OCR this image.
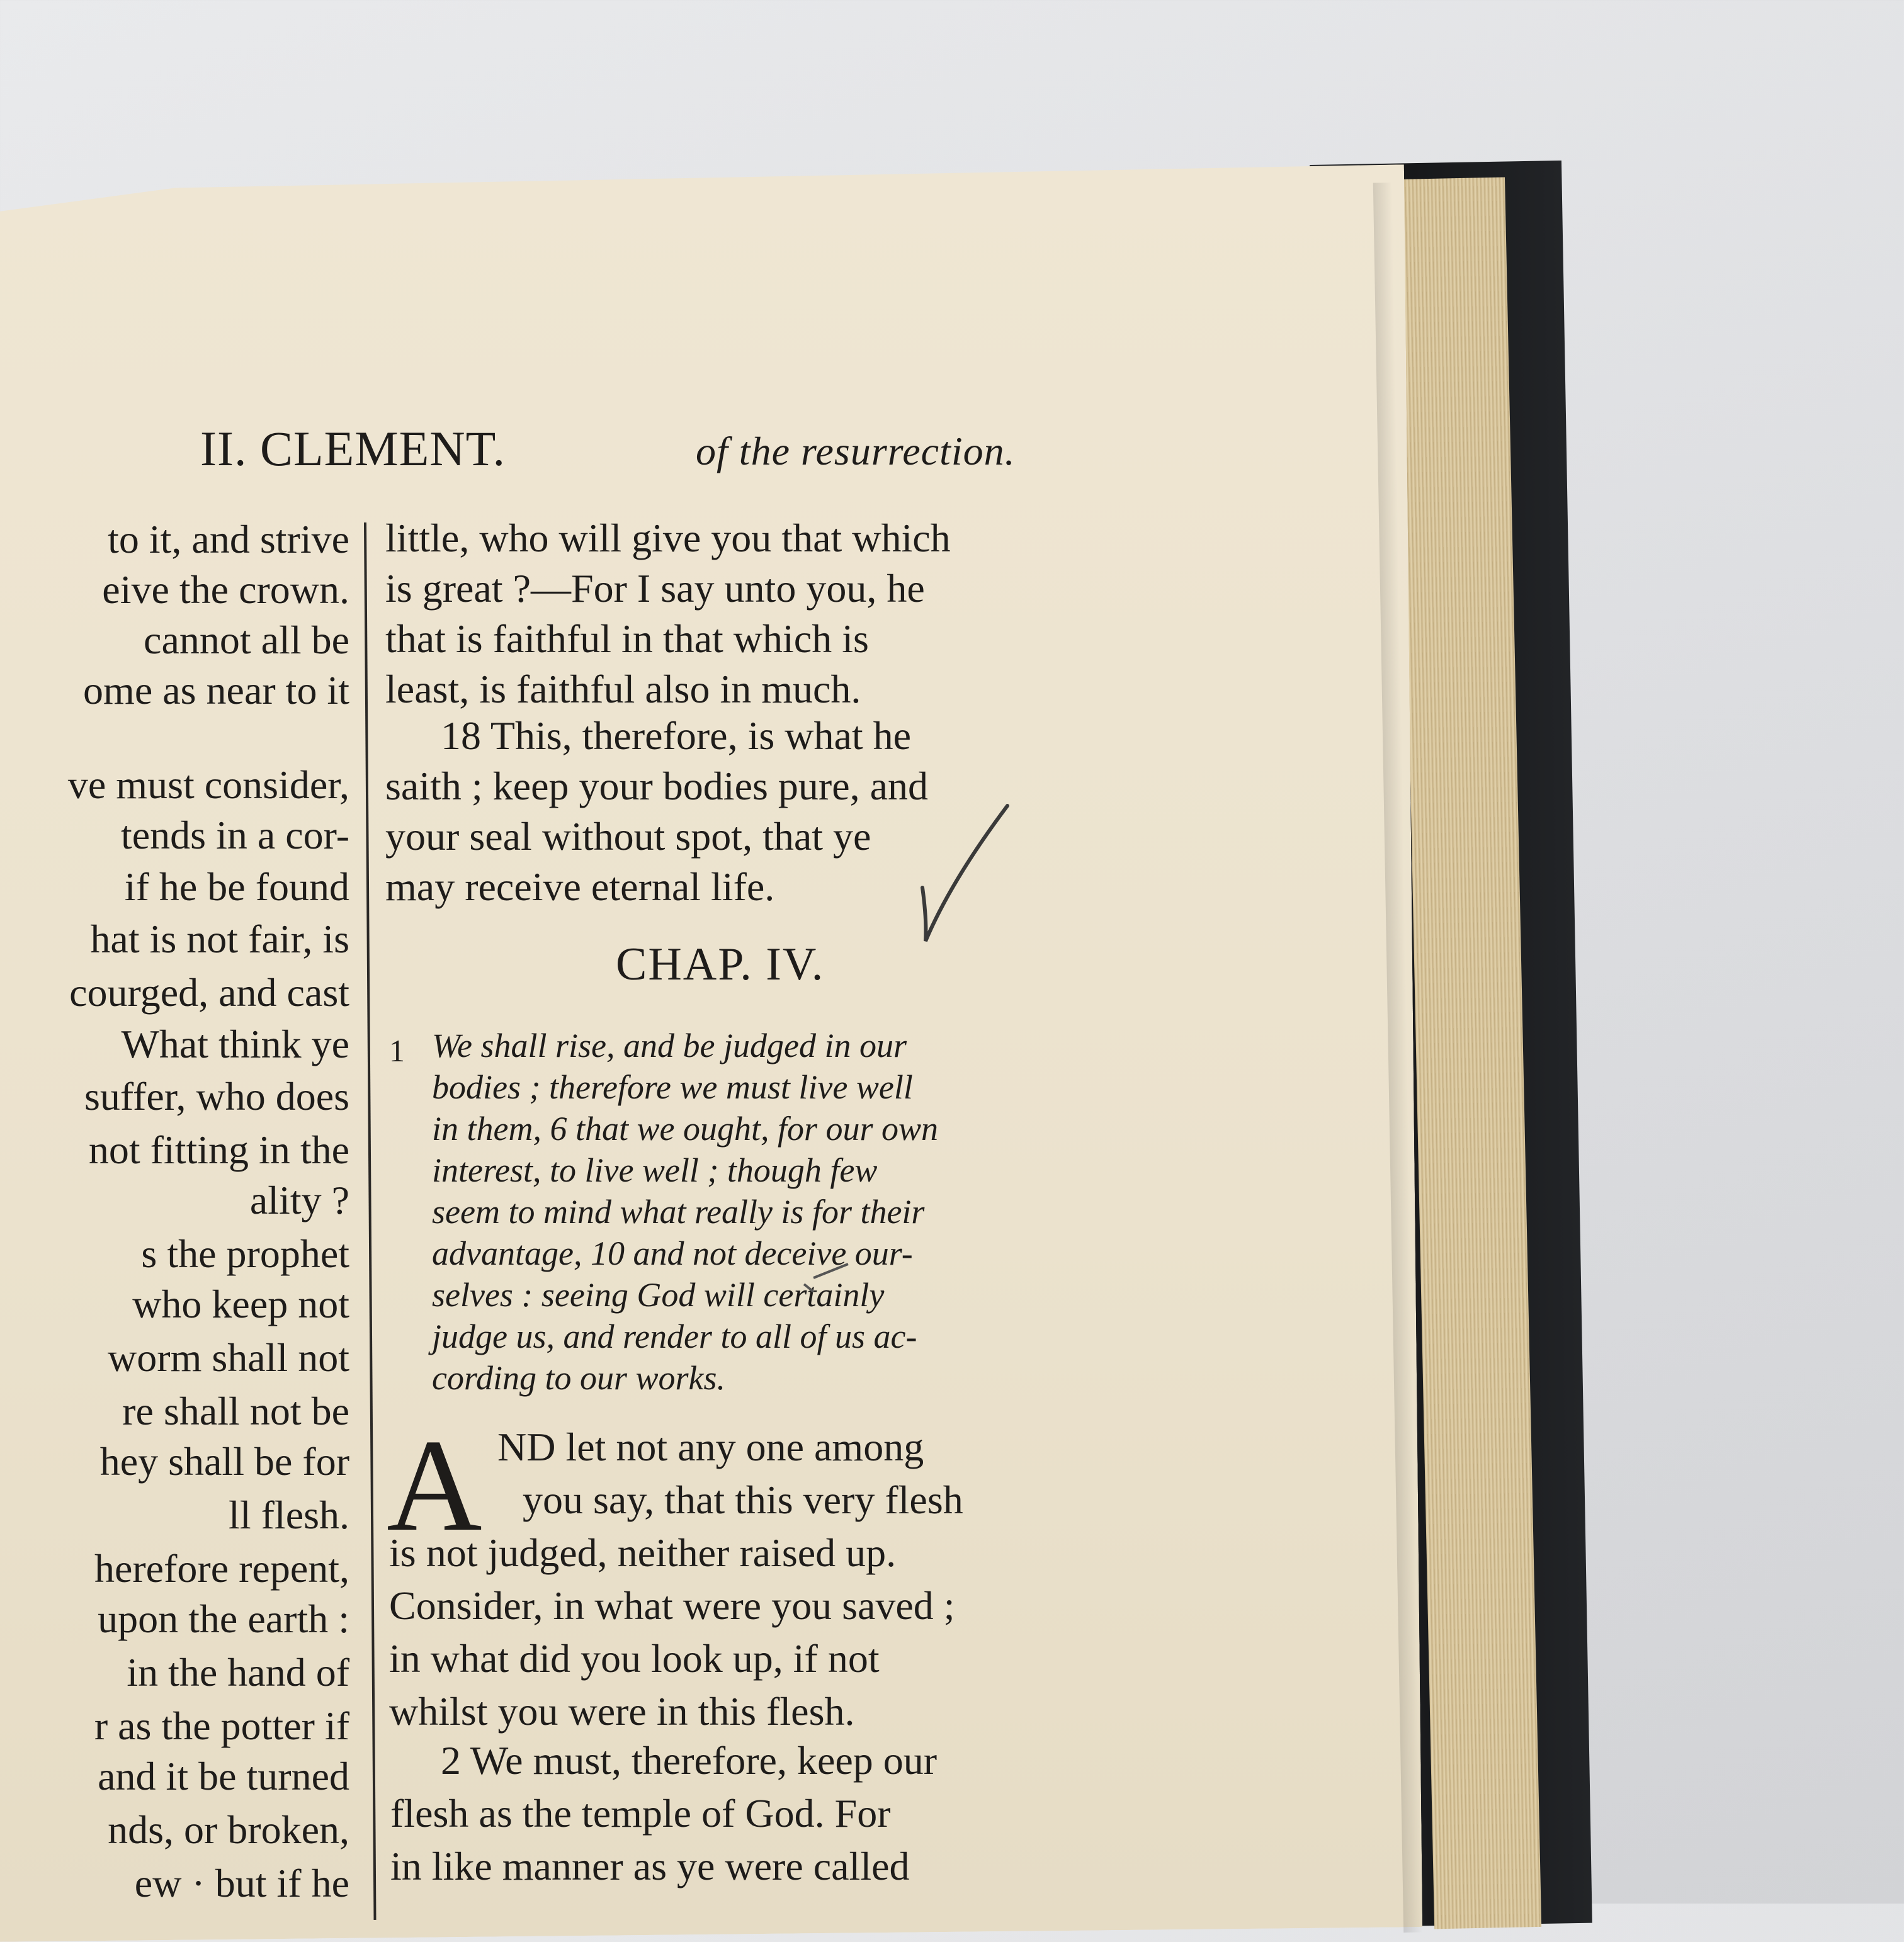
II. CLEMENT.	of the resurrection.
to it, and strive
eive the crown.
cannot all be
ome as near to it
ve must consider,
tends in a cor-
if he be found
hat is not fair, is
courged, and cast
What think ye
suffer, who does
not fitting in the
ality ?
s the prophet
who keep not
worm shall not
re shall not be
hey shall be for
ll flesh.
herefore repent,
upon the earth :
in the hand of
r as the potter if
and it be turned
nds, or broken,
ew · but if he
little, who will give you that which
is great ?—For I say unto you, he
that is faithful in that which is
least, is faithful also in much.
18 This, therefore, is what he
saith ; keep your bodies pure, and
your seal without spot, that ye
may receive eternal life.
CHAP. IV.
1 We shall rise, and be judged in our
bodies ; therefore we must live well
in them, 6 that we ought, for our own
interest, to live well ; though few
seem to mind what really is for their
advantage, 10 and not deceive our-
selves : seeing God will certainly
judge us, and render to all of us ac-
cording to our works.
A ND let not any one among
you say, that this very flesh
is not judged, neither raised up.
Consider, in what were you saved ;
in what did you look up, if not
whilst you were in this flesh.
2 We must, therefore, keep our
flesh as the temple of God. For
in like manner as ye were called
